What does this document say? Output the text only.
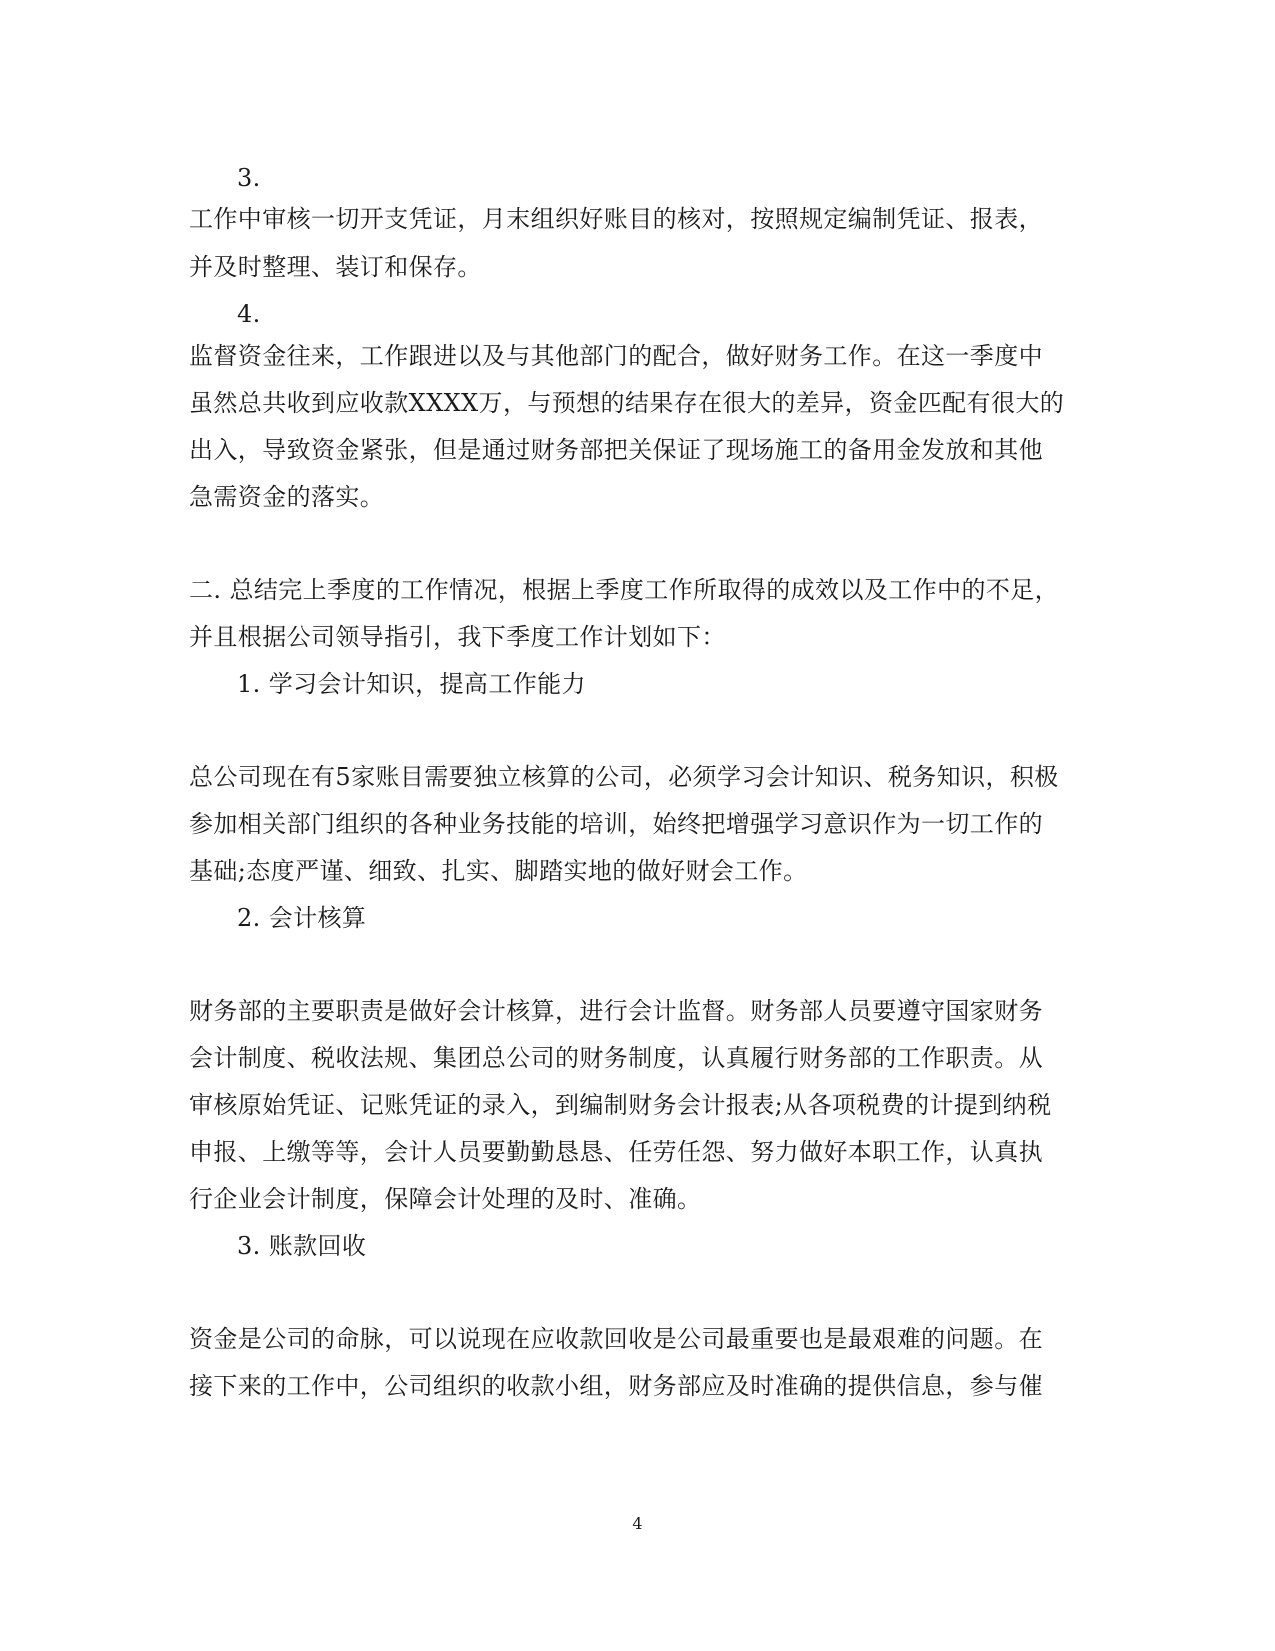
3.
工作中审核一切开支凭证，月末组织好账目的核对，按照规定编制凭证、报表，
并及时整理、装订和保存。
4.
监督资金往来，工作跟进以及与其他部门的配合，做好财务工作。在这一季度中
虽然总共收到应收款XXXX万，与预想的结果存在很大的差异，资金匹配有很大的
出入，导致资金紧张，但是通过财务部把关保证了现场施工的备用金发放和其他
急需资金的落实。
二. 总结完上季度的工作情况，根据上季度工作所取得的成效以及工作中的不足，
并且根据公司领导指引，我下季度工作计划如下：
1. 学习会计知识，提高工作能力
总公司现在有5家账目需要独立核算的公司，必须学习会计知识、税务知识，积极
参加相关部门组织的各种业务技能的培训，始终把增强学习意识作为一切工作的
基础;态度严谨、细致、扎实、脚踏实地的做好财会工作。
2. 会计核算
财务部的主要职责是做好会计核算，进行会计监督。财务部人员要遵守国家财务
会计制度、税收法规、集团总公司的财务制度，认真履行财务部的工作职责。从
审核原始凭证、记账凭证的录入，到编制财务会计报表;从各项税费的计提到纳税
申报、上缴等等，会计人员要勤勤恳恳、任劳任怨、努力做好本职工作，认真执
行企业会计制度，保障会计处理的及时、准确。
3. 账款回收
资金是公司的命脉，可以说现在应收款回收是公司最重要也是最艰难的问题。在
接下来的工作中，公司组织的收款小组，财务部应及时准确的提供信息，参与催
4
